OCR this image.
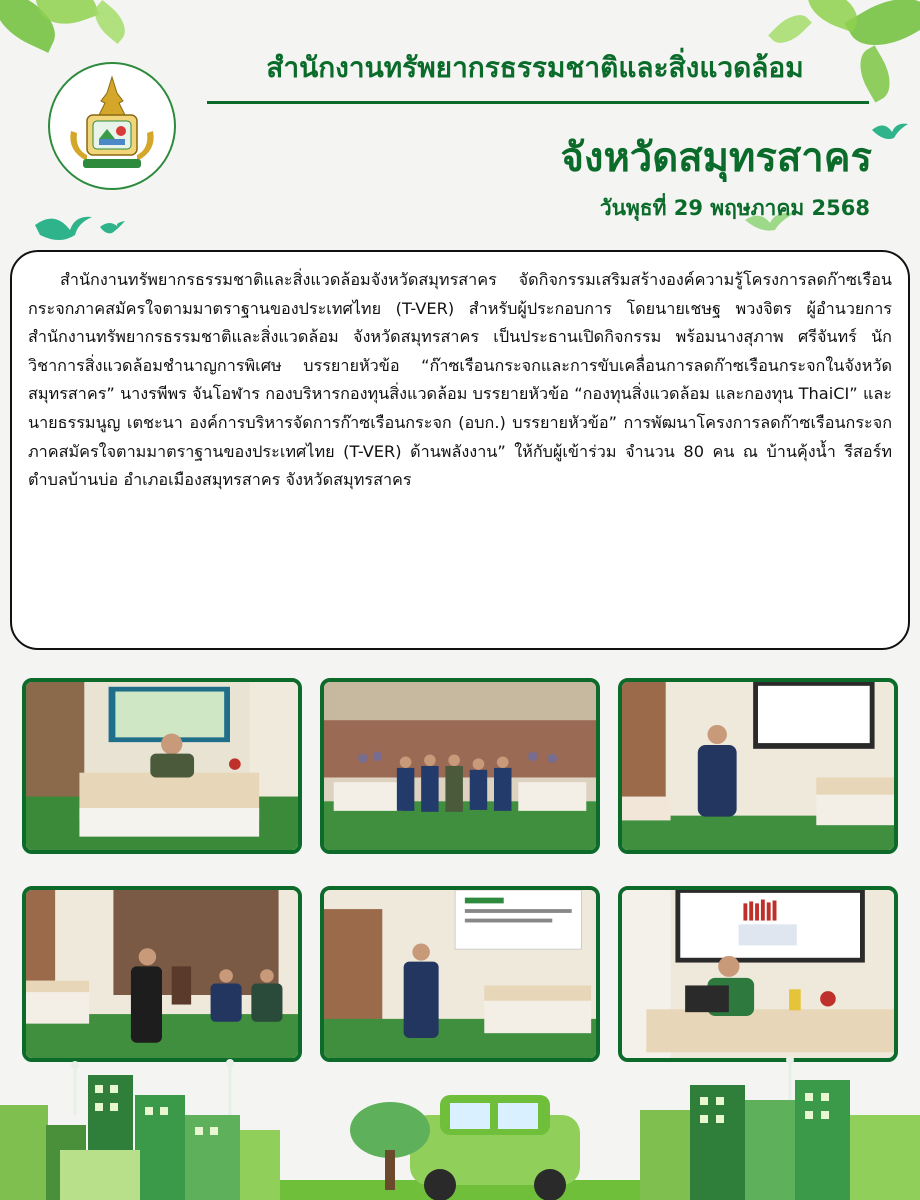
สำนักงานทรัพยากรธรรมชาติและสิ่งแวดล้อม
จังหวัดสมุทรสาคร
วันพุธที่ 29 พฤษภาคม 2568

สำนักงานทรัพยากรธรรมชาติและสิ่งแวดล้อมจังหวัดสมุทรสาคร จัดกิจกรรมเสริมสร้างองค์ความรู้โครงการลดก๊าซเรือนกระจกภาคสมัครใจตามมาตราฐานของประเทศไทย (T-VER) สำหรับผู้ประกอบการ โดยนายเชษฐ พวงจิตร ผู้อำนวยการสำนักงานทรัพยากรธรรมชาติและสิ่งแวดล้อม จังหวัดสมุทรสาคร เป็นประธานเปิดกิจกรรม พร้อมนางสุภาพ ศรีจันทร์ นักวิชาการสิ่งแวดล้อมชำนาญการพิเศษ บรรยายหัวข้อ “ก๊าซเรือนกระจกและการขับเคลื่อนการลดก๊าซเรือนกระจกในจังหวัดสมุทรสาคร” นางรพีพร จันโอฬาร กองบริหารกองทุนสิ่งแวดล้อม บรรยายหัวข้อ “กองทุนสิ่งแวดล้อม และกองทุน ThaiCI” และ นายธรรมนูญ เตชะนา องค์การบริหารจัดการก๊าซเรือนกระจก (อบก.) บรรยายหัวข้อ” การพัฒนาโครงการลดก๊าซเรือนกระจกภาคสมัครใจตามมาตราฐานของประเทศไทย (T-VER) ด้านพลังงาน” ให้กับผู้เข้าร่วม จำนวน 80 คน ณ บ้านคุ้งน้ำ รีสอร์ท ตำบลบ้านบ่อ อำเภอเมืองสมุทรสาคร จังหวัดสมุทรสาคร
